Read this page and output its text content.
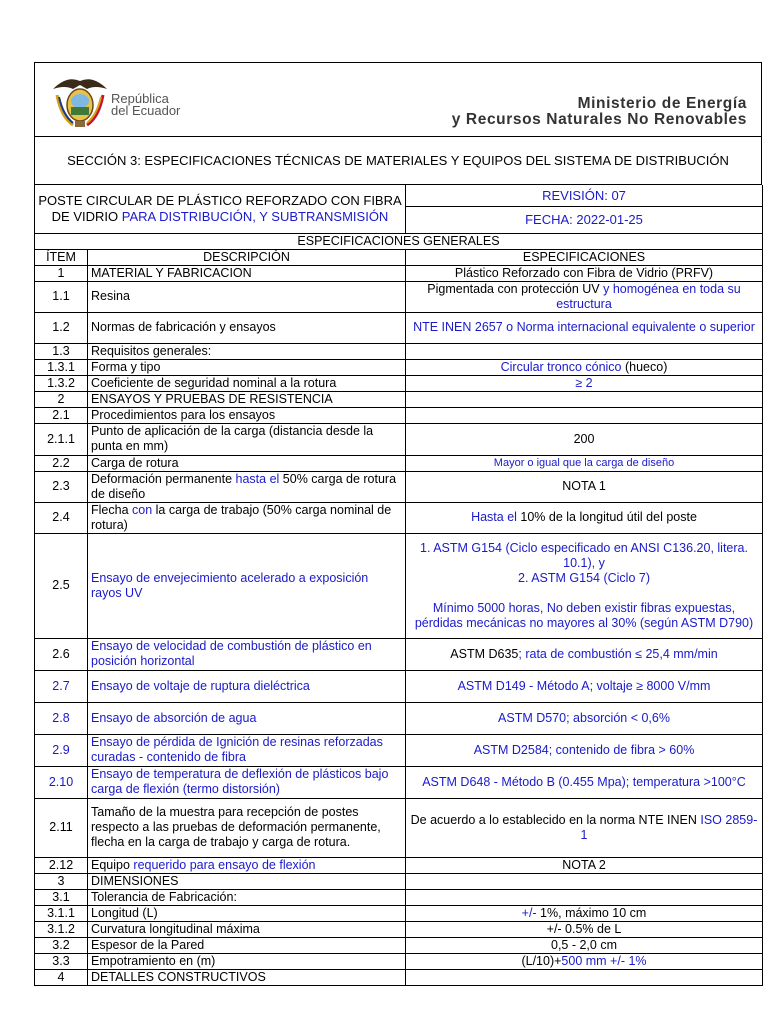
República
del Ecuador	Ministerio de Energía
y Recursos Naturales No Renovables
SECCIÓN 3: ESPECIFICACIONES TÉCNICAS DE MATERIALES Y EQUIPOS DEL SISTEMA DE DISTRIBUCIÓN
POSTE CIRCULAR DE PLÁSTICO REFORZADO CON FIBRA DE VIDRIO PARA DISTRIBUCIÓN, Y SUBTRANSMISIÓN		REVISIÓN: 07
		FECHA: 2022-01-25
ESPECIFICACIONES GENERALES		
ÍTEM	DESCRIPCIÓN	ESPECIFICACIONES
1	MATERIAL Y FABRICACION	Plástico Reforzado con Fibra de Vidrio (PRFV)
1.1	Resina	Pigmentada con protección UV y homogénea en toda su estructura
1.2	Normas de fabricación y ensayos	NTE INEN 2657 o Norma internacional equivalente o superior
1.3	Requisitos generales:	
1.3.1	Forma y tipo	Circular tronco cónico (hueco)
1.3.2	Coeficiente de seguridad nominal a la rotura	≥ 2
2	ENSAYOS Y PRUEBAS DE RESISTENCIA	
2.1	Procedimientos para los ensayos	
2.1.1	Punto de aplicación de la carga (distancia desde la punta en mm)	200
2.2	Carga de rotura	Mayor o igual que la carga de diseño
2.3	Deformación permanente hasta el 50% carga de rotura de diseño	NOTA 1
2.4	Flecha con la carga de trabajo (50% carga nominal de rotura)	Hasta el 10% de la longitud útil del poste
2.5	Ensayo de envejecimiento acelerado a exposición rayos UV	1. ASTM G154 (Ciclo especificado en ANSI C136.20, litera. 10.1), y
2. ASTM G154 (Ciclo 7)
Mínimo 5000 horas, No deben existir fibras expuestas, pérdidas mecánicas no mayores al 30% (según ASTM D790)

2.6	Ensayo de velocidad de combustión de plástico en posición horizontal	ASTM D635; rata de combustión ≤ 25,4 mm/min
2.7	Ensayo de voltaje de ruptura dieléctrica	ASTM D149 - Método A; voltaje ≥ 8000 V/mm
2.8	Ensayo de absorción de agua	ASTM D570; absorción < 0,6%
2.9	Ensayo de pérdida de Ignición de resinas reforzadas curadas - contenido de fibra	ASTM D2584; contenido de fibra > 60%
2.10	Ensayo de temperatura de deflexión de plásticos bajo carga de flexión (termo distorsión)	ASTM D648 - Método B (0.455 Mpa); temperatura >100°C
2.11	Tamaño de la muestra para recepción de postes respecto a las pruebas de deformación permanente, flecha en la carga de trabajo y carga de rotura.	De acuerdo a lo establecido en la norma NTE INEN ISO 2859-1
2.12	Equipo requerido para ensayo de flexión	NOTA 2
3	DIMENSIONES	
3.1	Tolerancia de Fabricación:	
3.1.1	Longitud (L)	+/- 1%, máximo 10 cm
3.1.2	Curvatura longitudinal máxima	+/- 0.5% de L
3.2	Espesor de la Pared	0,5 - 2,0 cm
3.3	Empotramiento en (m)	(L/10)+500 mm +/- 1%
4	DETALLES CONSTRUCTIVOS	
